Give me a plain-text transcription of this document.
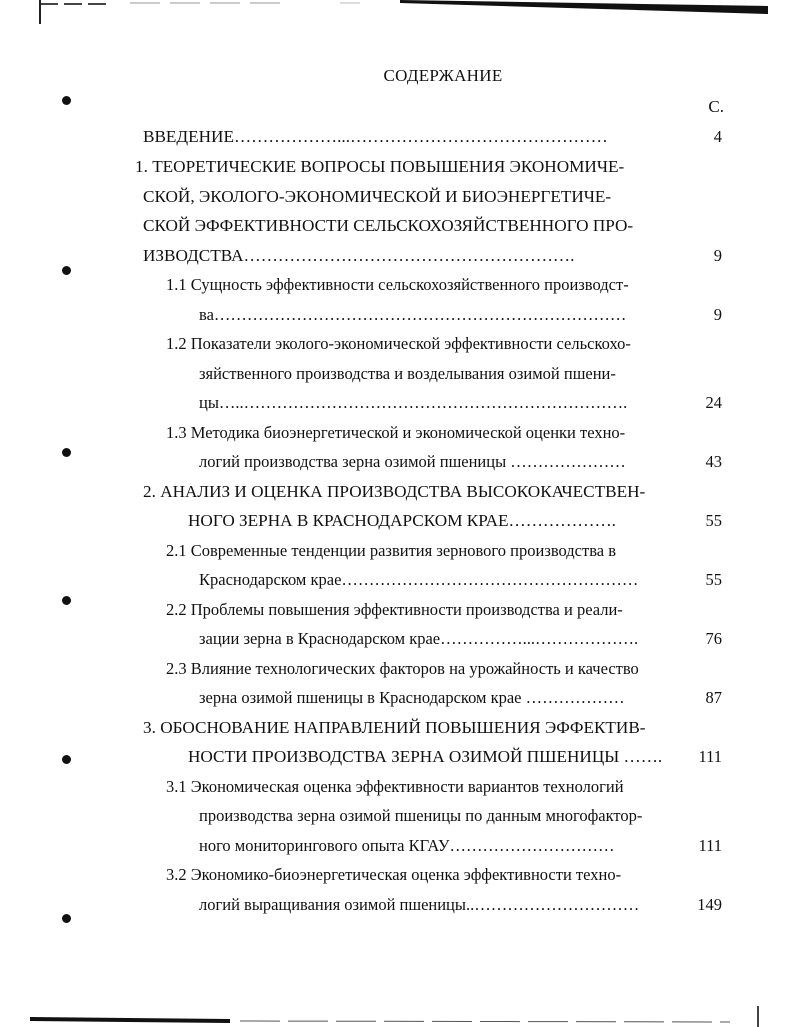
СОДЕРЖАНИЕ
С.
ВВЕДЕНИЕ………………...………………………………………	4
1. ТЕОРЕТИЧЕСКИЕ ВОПРОСЫ ПОВЫШЕНИЯ ЭКОНОМИЧЕ-
СКОЙ, ЭКОЛОГО-ЭКОНОМИЧЕСКОЙ И БИОЭНЕРГЕТИЧЕ-
СКОЙ ЭФФЕКТИВНОСТИ СЕЛЬСКОХОЗЯЙСТВЕННОГО ПРО-
ИЗВОДСТВА………………………………………………….	9
1.1 Сущность эффективности сельскохозяйственного производст-
ва…………………………………………………………………	9
1.2 Показатели эколого-экономической эффективности сельскохо-
зяйственного производства и возделывания озимой пшени-
цы…..…………………………………………………………….	24
1.3 Методика биоэнергетической и экономической оценки техно-
логий производства зерна озимой пшеницы …………………	43
2. АНАЛИЗ И ОЦЕНКА ПРОИЗВОДСТВА ВЫСОКОКАЧЕСТВЕН-
НОГО ЗЕРНА В КРАСНОДАРСКОМ КРАЕ……………….	55
2.1 Современные тенденции развития зернового производства в
Краснодарском крае………………………………………………	55
2.2 Проблемы повышения эффективности производства и реали-
зации зерна в Краснодарском крае……………...……………….	76
2.3 Влияние технологических факторов на урожайность и качество
зерна озимой пшеницы в Краснодарском крае ………………	87
3. ОБОСНОВАНИЕ НАПРАВЛЕНИЙ ПОВЫШЕНИЯ ЭФФЕКТИВ-
НОСТИ ПРОИЗВОДСТВА ЗЕРНА ОЗИМОЙ ПШЕНИЦЫ …….	111
3.1 Экономическая оценка эффективности вариантов технологий
производства зерна озимой пшеницы по данным многофактор-
ного мониторингового опыта КГАУ…………………………	111
3.2 Экономико-биоэнергетическая оценка эффективности техно-
логий выращивания озимой пшеницы..…………………………	149
